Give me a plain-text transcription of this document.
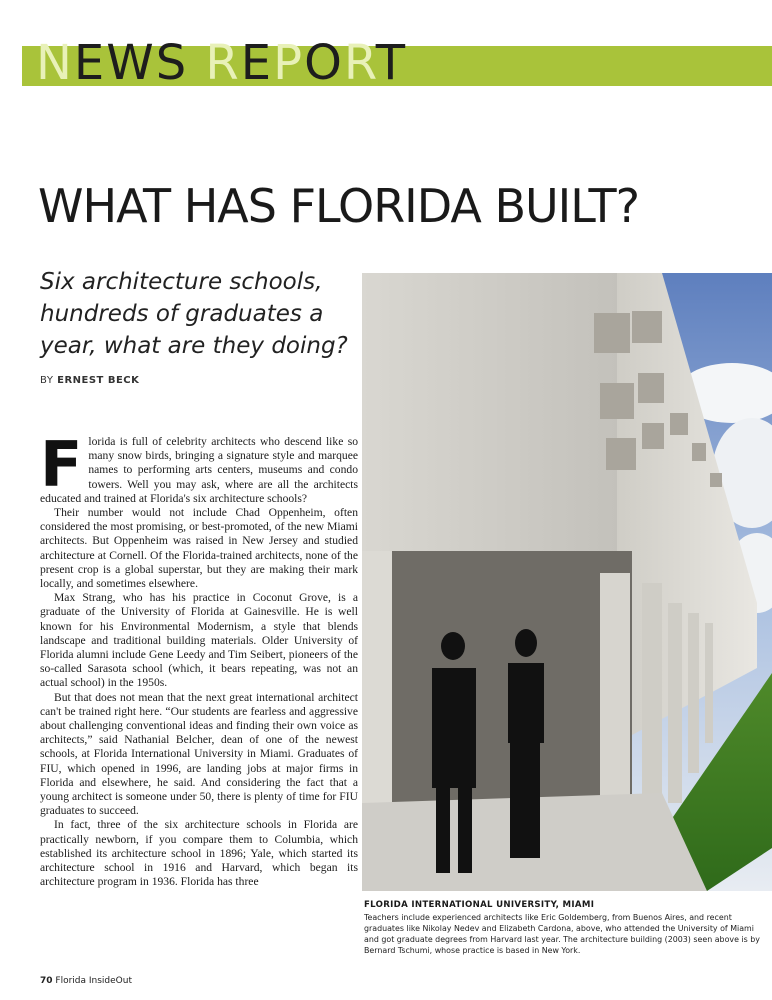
NEWS REPORT
WHAT HAS FLORIDA BUILT?

Six architecture schools, hundreds of graduates a year, what are they doing?

BY ERNEST BECK

Florida is full of celebrity architects who descend like so many snow birds, bringing a signature style and marquee names to performing arts centers, museums and condo towers. Well you may ask, where are all the architects educated and trained at Florida's six architecture schools?

Their number would not include Chad Oppenheim, often considered the most promising, or best-promoted, of the new Miami architects. But Oppenheim was raised in New Jersey and studied architecture at Cornell. Of the Florida-trained architects, none of the present crop is a global superstar, but they are making their mark locally, and sometimes elsewhere.

Max Strang, who has his practice in Coconut Grove, is a graduate of the University of Florida at Gainesville. He is well known for his Environmental Modernism, a style that blends landscape and traditional building materials. Older University of Florida alumni include Gene Leedy and Tim Seibert, pioneers of the so-called Sarasota school (which, it bears repeating, was not an actual school) in the 1950s.

But that does not mean that the next great international architect can't be trained right here. “Our students are fearless and aggressive about challenging conventional ideas and finding their own voice as architects,” said Nathanial Belcher, dean of one of the newest schools, at Florida International University in Miami. Graduates of FIU, which opened in 1996, are landing jobs at major firms in Florida and elsewhere, he said. And considering the fact that a young architect is someone under 50, there is plenty of time for FIU graduates to succeed.

In fact, three of the six architecture schools in Florida are practically newborn, if you compare them to Columbia, which established its architecture school in 1896; Yale, which started its architecture school in 1916 and Harvard, which began its architecture program in 1936. Florida has three

FLORIDA INTERNATIONAL UNIVERSITY, MIAMI
Teachers include experienced architects like Eric Goldemberg, from Buenos Aires, and recent graduates like Nikolay Nedev and Elizabeth Cardona, above, who attended the University of Miami and got graduate degrees from Harvard last year. The architecture building (2003) seen above is by Bernard Tschumi, whose practice is based in New York.
70 Florida InsideOut
